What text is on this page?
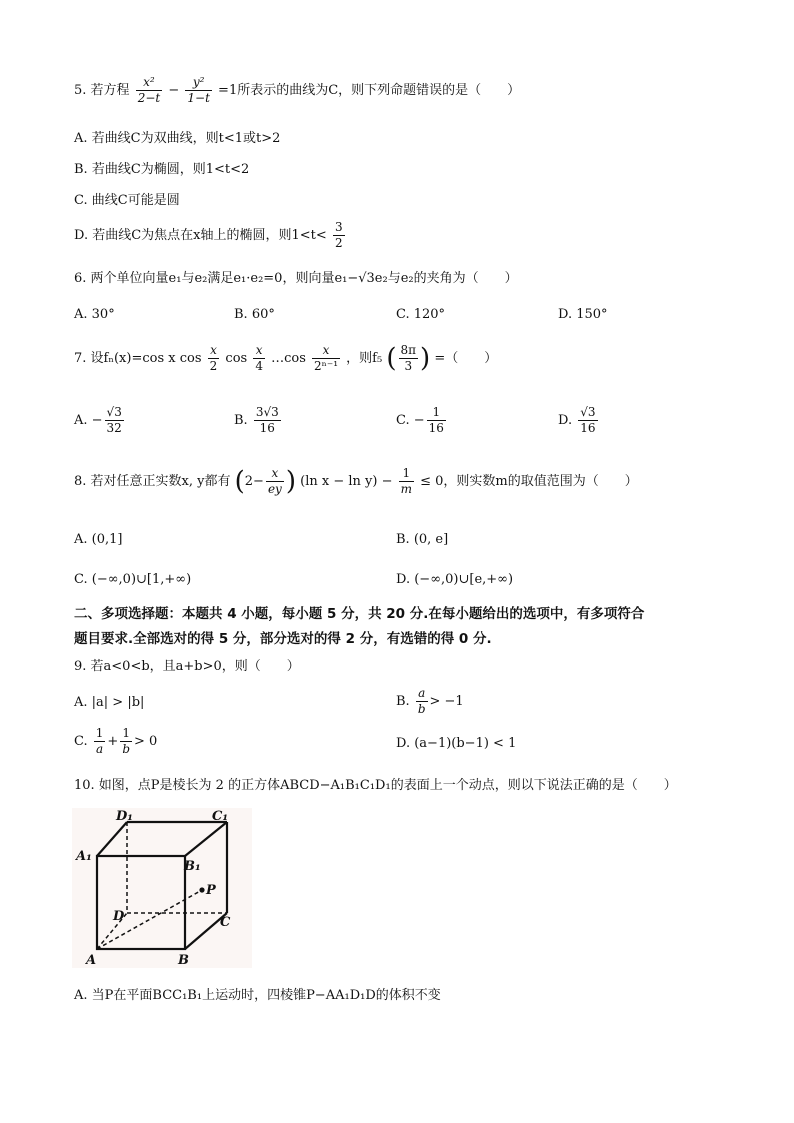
5. 若方程 $\frac{\text{x²}}{2-t} - \frac{\text{y²}}{1-t} =1$所表示的曲线为C，则下列命题错误的是（　　）
A. 若曲线C为双曲线，则t<1或t>2
B. 若曲线C为椭圆，则1<t<2
C. 曲线C可能是圆
D. 若曲线C为焦点在x轴上的椭圆，则$1<t< \frac{3}{2}$
6. 两个单位向量e₁与e₂满足e₁·e₂=0，则向量e₁−√3e₂与e₂的夹角为（　　）
A. 30°	B. 60°	C. 120°	D. 150°
7. 设fₙ(x)=cos x $\cos \frac{x}{2}$ $\cos \frac{x}{4}$ …cos $\frac{x}{\text{2ⁿ⁻¹}}$ ，则f₅ ( $\frac{8\pi}{3}$ ) =（　　）
A. − $\frac{√3}{32}$	B. $\frac{3√3}{16}$	C. − $\frac{1}{16}$	D. $\frac{√3}{16}$
8. 若对任意正实数x, y都有 ($2- \frac{x}{ey}$ ) (ln $x - \ln y) - \frac{1}{m} \le 0$，则实数m的取值范围为（　　）
A. (0,1]	B. (0, e]
C. (−∞,0)∪[1,+∞)	D. (−∞,0)∪[e,+∞)
二、多项选择题：本题共 4 小题，每小题 5 分，共 20 分.在每小题给出的选项中，有多项符合
题目要求.全部选对的得 5 分，部分选对的得 2 分，有选错的得 0 分.
9. 若a<0<b，且a+b>0，则（　　）
A. |a| > |b|	B. $\frac{a}{b} > -1$
C. $\frac{1}{a} + \frac{1}{b} > 0$	D. (a−1)(b−1) < 1
10. 如图，点P是棱长为 2 的正方体ABCD−A₁B₁C₁D₁的表面上一个动点，则以下说法正确的是（　　）
D₁	C₁
A₁
B₁
P
D	C
A	B
A. 当P在平面BCC₁B₁上运动时，四棱锥P−AA₁D₁D的体积不变
